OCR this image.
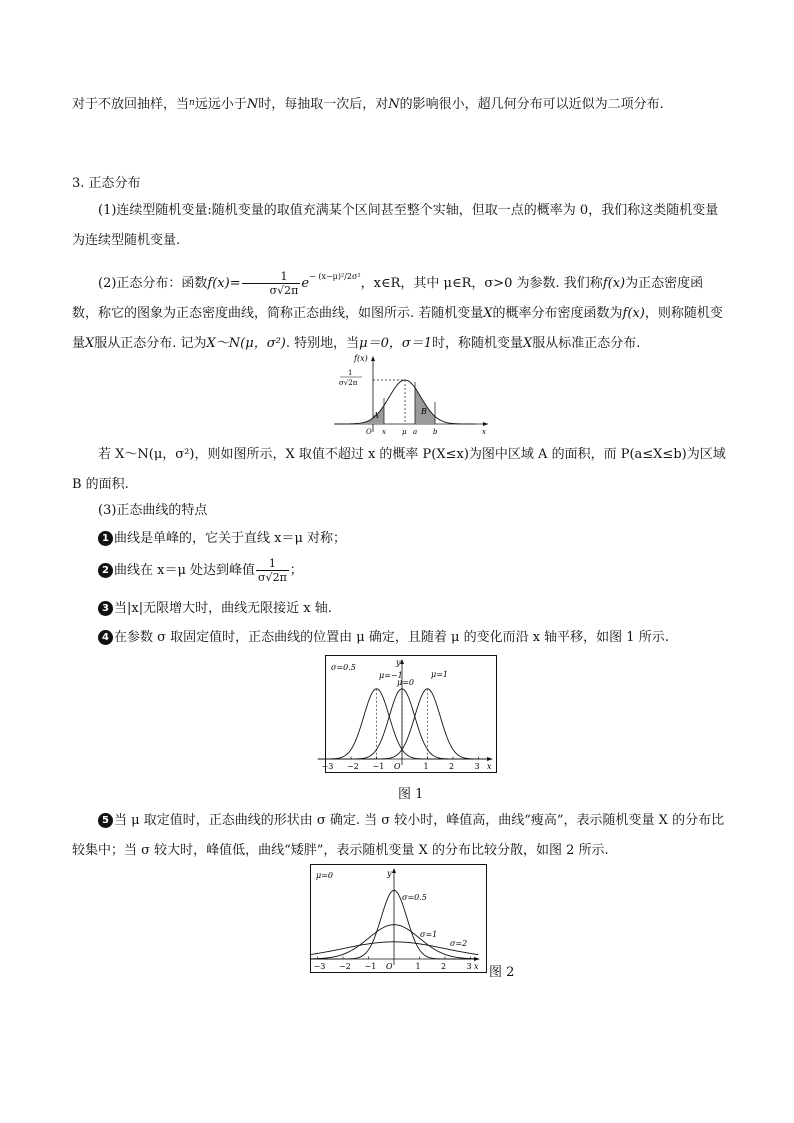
对于不放回抽样，当$^n$远远小于N时，每抽取一次后，对N的影响很小，超几何分布可以近似为二项分布.

3. 正态分布

(1)连续型随机变量:随机变量的取值充满某个区间甚至整个实轴，但取一点的概率为 0，我们称这类随机变量为连续型随机变量.

(2)正态分布：函数$f(x)= \frac{1}{\sigma√2\pi} e^{- (x-\mu)^2/2\sigma^2}$，x∈R，其中 μ∈R，σ>0 为参数. 我们称f(x)为正态密度函数，称它的图象为正态密度曲线，简称正态曲线，如图所示. 若随机变量X的概率分布密度函数为f(x)，则称随机变量X服从正态分布. 记为X～N(μ，σ²). 特别地，当μ＝0，σ＝1时，称随机变量X服从标准正态分布.

f(x)
1
σ√2π
A	B
O x μ a b	x

若 X～N(μ，σ²)，则如图所示，X 取值不超过 x 的概率 P(X≤x)为图中区域 A 的面积，而 P(a≤X≤b)为区域 B 的面积.

(3)正态曲线的特点

1 曲线是单峰的，它关于直线 x＝μ 对称；

2 曲线在 x＝μ 处达到峰值 $\frac{1}{\sigma√2\pi}$ ；

3 当|x|无限增大时，曲线无限接近 x 轴.

4 在参数 σ 取固定值时，正态曲线的位置由 μ 确定，且随着 μ 的变化而沿 x 轴平移，如图 1 所示.

σ=0.5
y
x
μ=−1
μ=0
μ=1
−3 −2 −1 O	1	2	3
图 1

5 当 μ 取定值时，正态曲线的形状由 σ 确定. 当 σ 较小时，峰值高，曲线“瘦高”，表示随机变量 X 的分布比较集中；当 σ 较大时，峰值低，曲线“矮胖”，表示随机变量 X 的分布比较分散，如图 2 所示.

μ=0	y
x
σ=0.5
σ=1
σ=2
−3 −2 −1 O	1	2	3 图 2
